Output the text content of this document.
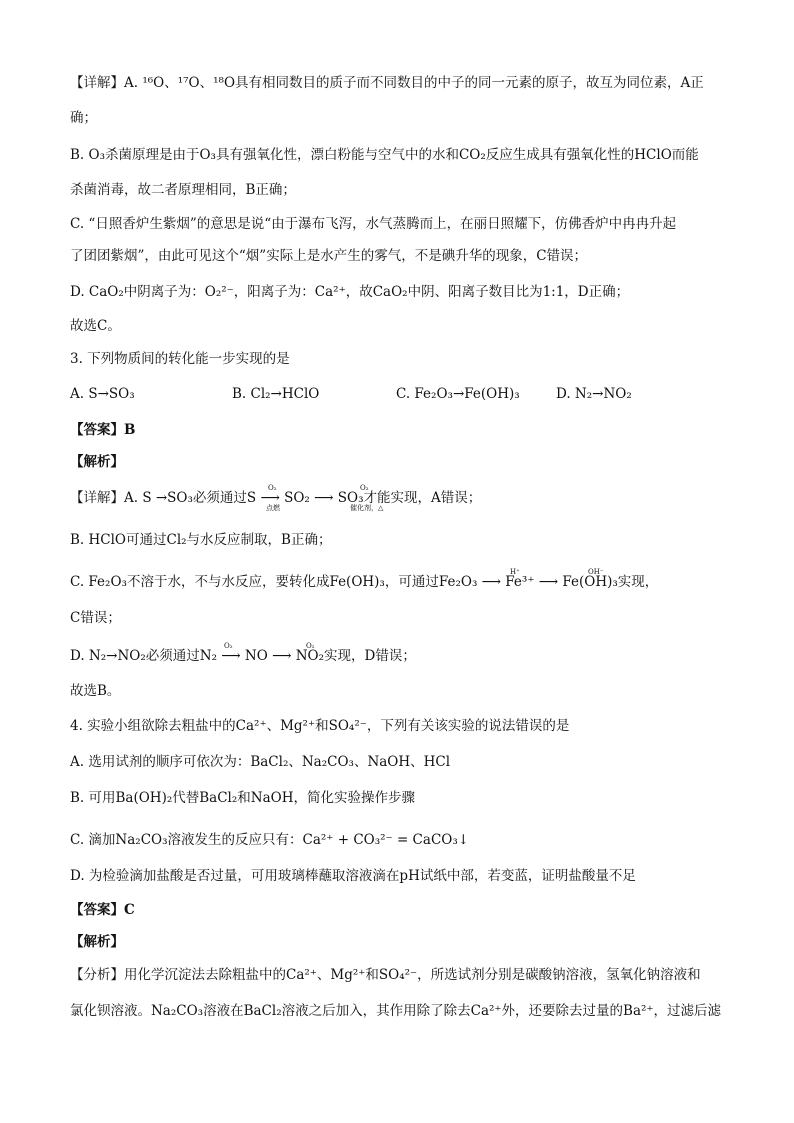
【详解】A. ¹⁶O、¹⁷O、¹⁸O具有相同数目的质子而不同数目的中子的同一元素的原子，故互为同位素，A正
确；
B. O₃杀菌原理是由于O₃具有强氧化性，漂白粉能与空气中的水和CO₂反应生成具有强氧化性的HClO而能
杀菌消毒，故二者原理相同，B正确；
C. “日照香炉生紫烟”的意思是说“由于瀑布飞泻，水气蒸腾而上，在丽日照耀下，仿佛香炉中冉冉升起
了团团紫烟”，由此可见这个“烟”实际上是水产生的雾气，不是碘升华的现象，C错误；
D. CaO₂中阴离子为：O₂²⁻，阳离子为：Ca²⁺，故CaO₂中阴、阳离子数目比为1:1，D正确；
故选C。
3. 下列物质间的转化能一步实现的是
A. S→SO₃	B. Cl₂→HClO	C. Fe₂O₃→Fe(OH)₃	D. N₂→NO₂
【答案】B
【解析】
【详解】A. S →SO₃必须通过S ⟶ SO₂ ⟶ SO₃才能实现，A错误；
B. HClO可通过Cl₂与水反应制取，B正确；
C. Fe₂O₃不溶于水，不与水反应，要转化成Fe(OH)₃，可通过Fe₂O₃ ⟶ Fe³⁺ ⟶ Fe(OH)₃实现，
C错误；
D. N₂→NO₂必须通过N₂ ⟶ NO ⟶ NO₂实现，D错误；
故选B。
4. 实验小组欲除去粗盐中的Ca²⁺、Mg²⁺和SO₄²⁻，下列有关该实验的说法错误的是
A. 选用试剂的顺序可依次为：BaCl₂、Na₂CO₃、NaOH、HCl
B. 可用Ba(OH)₂代替BaCl₂和NaOH，简化实验操作步骤
C. 滴加Na₂CO₃溶液发生的反应只有：Ca²⁺ + CO₃²⁻ = CaCO₃↓
D. 为检验滴加盐酸是否过量，可用玻璃棒蘸取溶液滴在pH试纸中部，若变蓝，证明盐酸量不足
【答案】C
【解析】
【分析】用化学沉淀法去除粗盐中的Ca²⁺、Mg²⁺和SO₄²⁻，所选试剂分别是碳酸钠溶液，氢氧化钠溶液和
氯化钡溶液。Na₂CO₃溶液在BaCl₂溶液之后加入，其作用除了除去Ca²⁺外，还要除去过量的Ba²⁺，过滤后滤
O₂
点燃
O₂
催化剂，△
H⁺	OH⁻
O₂	O₂
